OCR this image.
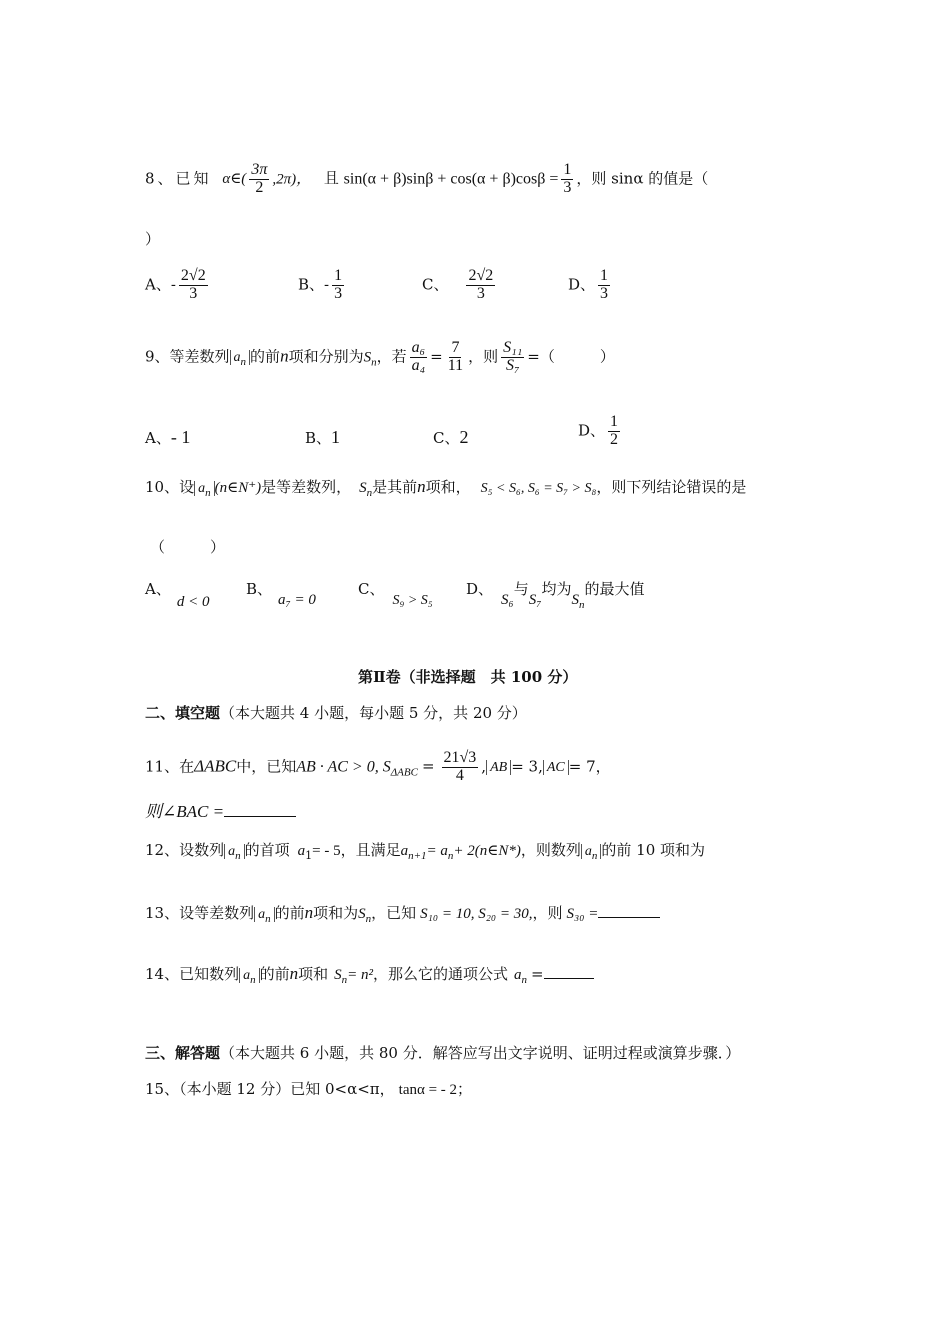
8、已知 α∈( $\frac{3\pi}{2} ,2\pi$)， 且 $\sin(\alpha + \beta)\sin\beta + \cos(\alpha + \beta)\cos\beta = \frac{1}{3}$ ，则 sinα 的值是（
）
A、- $\frac{2√2}{3}$	B、- $\frac{1}{3}$	C、 $\frac{2√2}{3}$	D、 $\frac{1}{3}$
9、等差数列 $a_n$ 的前n项和分别为$S_n$，若 $\frac{\text{a₆}}{\text{a₄}} = \frac{7}{11}$ ，则 $\frac{\text{S₁₁}}{\text{S₇}}$ =（　　　）
A、- 1	B、1	C、2	D、 $\frac{1}{2}$
10、设 $a_n$ (n∈N⁺)是等差数列， $S_n$是其前n项和， S₅ < S₆, S₆ = S₇ > S₈，则下列结论错误的是
（　　　）
A、d < 0
B、a₇ = 0
C、S₉ > S₅
D、S₆与S₇均为$S_n$的最大值
第Ⅱ卷（非选择题　共 100 分）
二、填空题（本大题共 4 小题，每小题 5 分，共 20 分）
11、在ΔABC中，已知AB · AC > 0, $S_{\Delta ABC} = \frac{21√3}{4}$ , AB = 3, AC = 7，
则∠BAC =
12、设数列 $a_n$ 的首项 $a_1= - 5$，且满足$a_{n+1}= a_n+$ 2(n∈N*)，则数列 $a_n$ 的前 10 项和为
13、设等差数列 $a_n$ 的前n项和为$S_n$，已知 S₁₀ = 10, S₂₀ = 30,，则 S₃₀ =
14、已知数列 $a_n$ 的前n项和 $S_n= n^2$，那么它的通项公式 $a_n$ =
三、解答题（本大题共 6 小题，共 80 分．解答应写出文字说明、证明过程或演算步骤．）
15、（本小题 12 分）已知 0<α<π， tanα = - 2；
